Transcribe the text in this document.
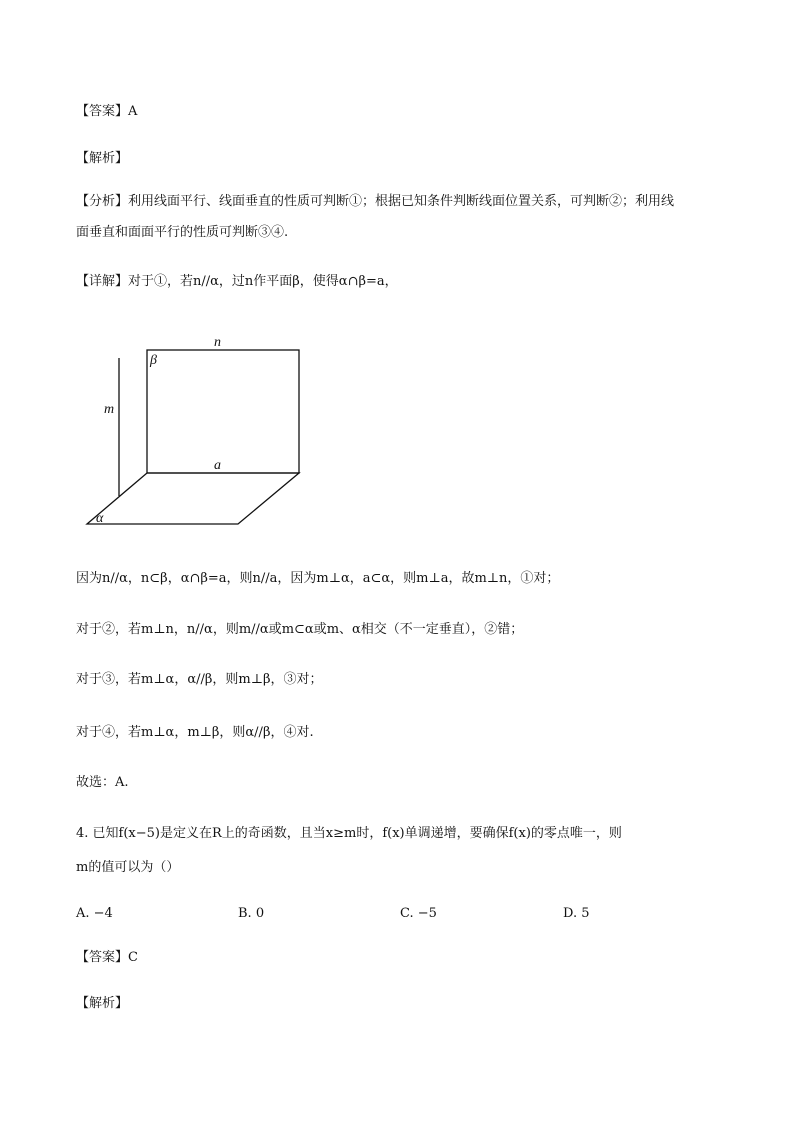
【答案】A
【解析】
【分析】利用线面平行、线面垂直的性质可判断①；根据已知条件判断线面位置关系，可判断②；利用线
面垂直和面面平行的性质可判断③④.
【详解】对于①，若n//α，过n作平面β，使得α∩β=a，
n
β
m
a
α
因为n//α，n⊂β，α∩β=a，则n//a，因为m⊥α，a⊂α，则m⊥a，故m⊥n，①对；
对于②，若m⊥n，n//α，则m//α或m⊂α或m、α相交（不一定垂直），②错；
对于③，若m⊥α，α//β，则m⊥β，③对；
对于④，若m⊥α，m⊥β，则α//β，④对.
故选：A.
4. 已知f(x−5)是定义在R上的奇函数，且当x≥m时，f(x)单调递增，要确保f(x)的零点唯一，则
m的值可以为（）
A. −4	B. 0	C. −5	D. 5
【答案】C
【解析】
